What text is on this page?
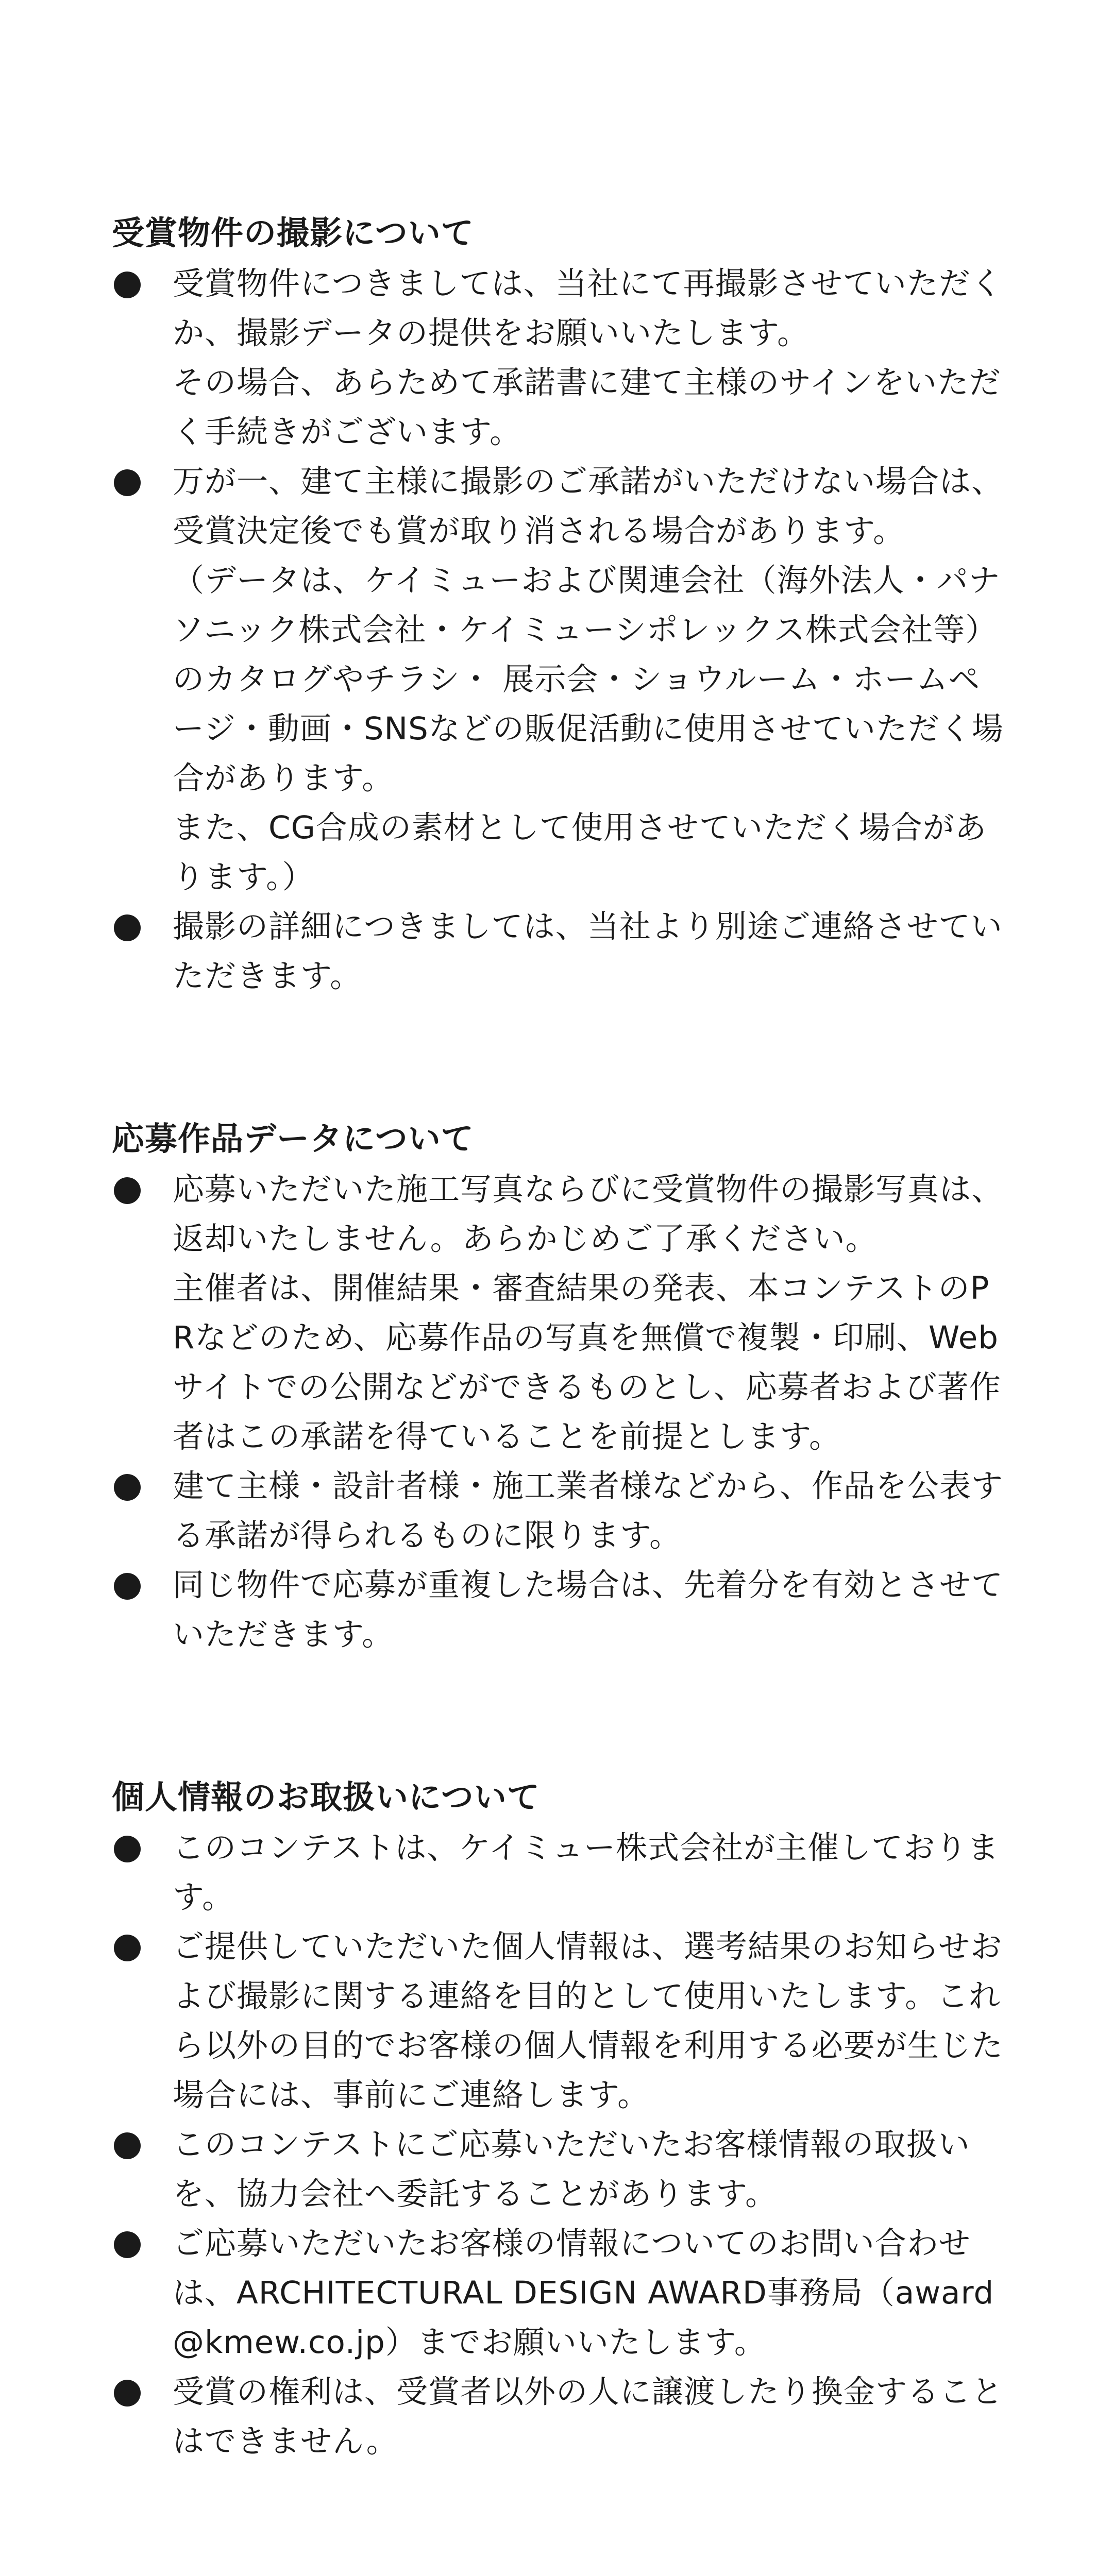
受賞物件の撮影について
受賞物件につきましては、当社にて再撮影させていただくか、撮影データの提供をお願いいたします。
その場合、あらためて承諾書に建て主様のサインをいただく手続きがございます。
万が一、建て主様に撮影のご承諾がいただけない場合は、受賞決定後でも賞が取り消される場合があります。
（データは、ケイミューおよび関連会社（海外法人・パナソニック株式会社・ケイミューシポレックス株式会社等）のカタログやチラシ・ 展示会・ショウルーム・ホームページ・動画・SNSなどの販促活動に使用させていただく場合があります。
また、CG合成の素材として使用させていただく場合があります。）
撮影の詳細につきましては、当社より別途ご連絡させていただきます。
応募作品データについて
応募いただいた施工写真ならびに受賞物件の撮影写真は、返却いたしません。あらかじめご了承ください。
主催者は、開催結果・審査結果の発表、本コンテストのPRなどのため、応募作品の写真を無償で複製・印刷、Webサイトでの公開などができるものとし、応募者および著作者はこの承諾を得ていることを前提とします。
建て主様・設計者様・施工業者様などから、作品を公表する承諾が得られるものに限ります。
同じ物件で応募が重複した場合は、先着分を有効とさせていただきます。
個人情報のお取扱いについて
このコンテストは、ケイミュー株式会社が主催しております。
ご提供していただいた個人情報は、選考結果のお知らせおよび撮影に関する連絡を目的として使用いたします。これら以外の目的でお客様の個人情報を利用する必要が生じた場合には、事前にご連絡します。
このコンテストにご応募いただいたお客様情報の取扱いを、協力会社へ委託することがあります。
ご応募いただいたお客様の情報についてのお問い合わせは、ARCHITECTURAL DESIGN AWARD事務局（award@kmew.co.jp）までお願いいたします。
受賞の権利は、受賞者以外の人に譲渡したり換金することはできません。
